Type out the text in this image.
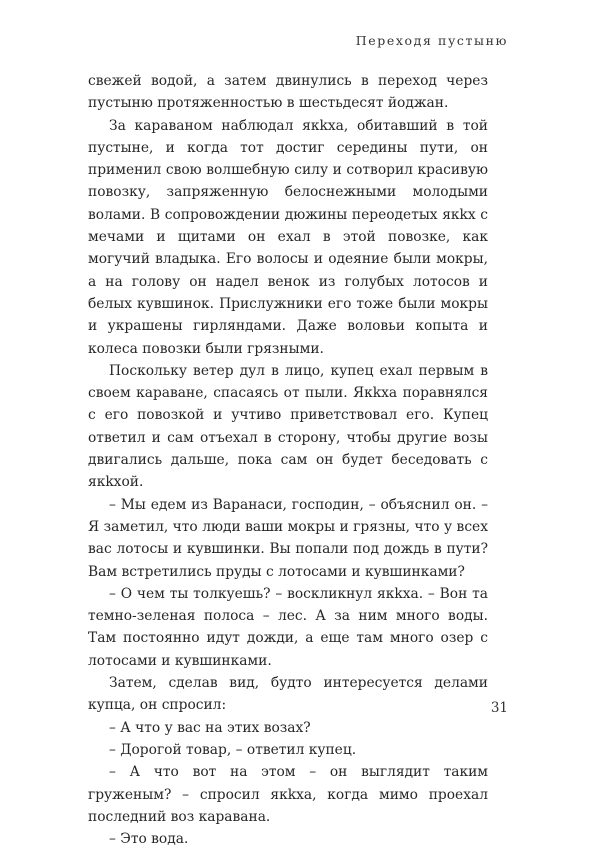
Переходя пустыню

свежей водой, а затем двинулись в переход через пустыню протяженностью в шестьдесят йоджан.

За караваном наблюдал якkха, обитавший в той пустыне, и когда тот достиг середины пути, он применил свою волшебную силу и сотворил красивую повозку, запряженную белоснежными молодыми волами. В сопровождении дюжины переодетых якkх с мечами и щитами он ехал в этой повозке, как могучий владыка. Его волосы и одеяние были мокры, а на голову он надел венок из голубых лотосов и белых кувшинок. Прислужники его тоже были мокры и украшены гирляндами. Даже воловьи копыта и колеса повозки были грязными.

Поскольку ветер дул в лицо, купец ехал первым в своем караване, спасаясь от пыли. Якkха поравнялся с его повозкой и учтиво приветствовал его. Купец ответил и сам отъехал в сторону, чтобы другие возы двигались дальше, пока сам он будет беседовать с якkхой.

– Мы едем из Варанаси, господин, – объяснил он. – Я заметил, что люди ваши мокры и грязны, что у всех вас лотосы и кувшинки. Вы попали под дождь в пути? Вам встретились пруды с лотосами и кувшинками?

– О чем ты толкуешь? – воскликнул якkха. – Вон та темно-зеленая полоса – лес. А за ним много воды. Там постоянно идут дожди, а еще там много озер с лотосами и кувшинками.

Затем, сделав вид, будто интересуется делами купца, он спросил:

– А что у вас на этих возах?

– Дорогой товар, – ответил купец.

– А что вот на этом – он выглядит таким груженым? – спросил якkха, когда мимо проехал последний воз каравана.

– Это вода.

31
